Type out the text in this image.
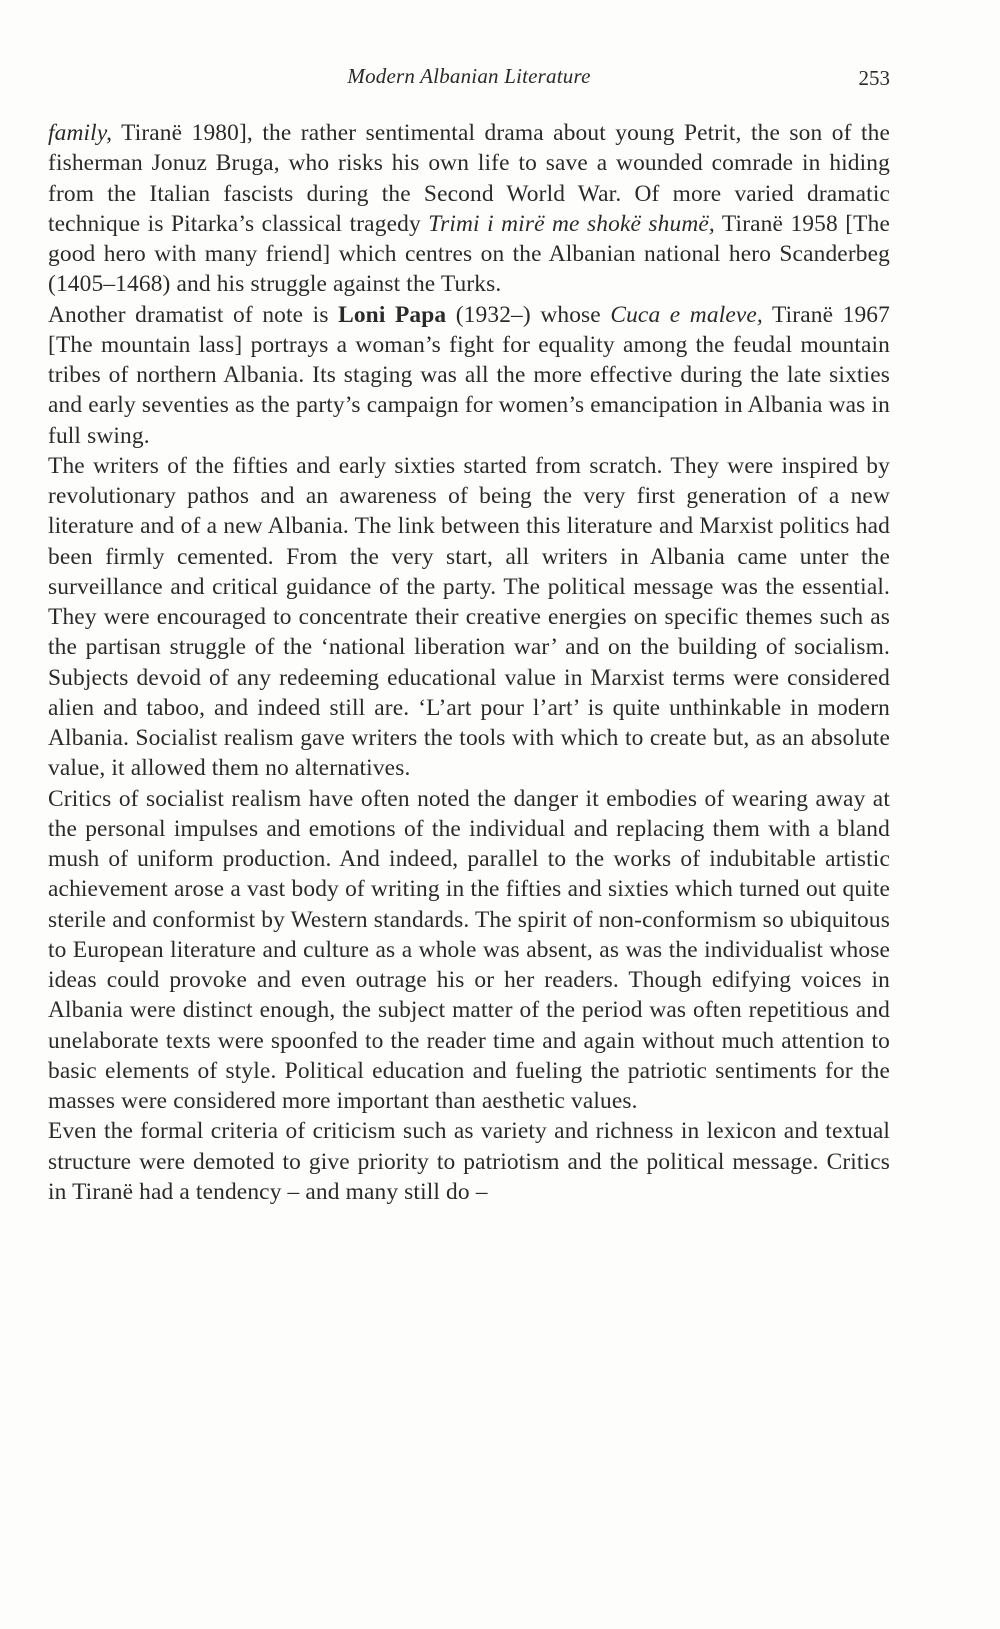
Modern Albanian Literature	253

family, Tiranë 1980], the rather sentimental drama about young Petrit, the son of the fisherman Jonuz Bruga, who risks his own life to save a wounded comrade in hiding from the Italian fascists during the Second World War. Of more varied dramatic technique is Pitarka’s classical tragedy Trimi i mirë me shokë shumë, Tiranë 1958 [The good hero with many friend] which centres on the Albanian national hero Scanderbeg (1405–1468) and his struggle against the Turks.

Another dramatist of note is Loni Papa (1932–) whose Cuca e maleve, Tiranë 1967 [The mountain lass] portrays a woman’s fight for equality among the feudal mountain tribes of northern Albania. Its staging was all the more effective during the late sixties and early seventies as the party’s campaign for women’s emancipation in Albania was in full swing.

The writers of the fifties and early sixties started from scratch. They were inspired by revolutionary pathos and an awareness of being the very first generation of a new literature and of a new Albania. The link between this literature and Marxist politics had been firmly cemented. From the very start, all writers in Albania came unter the surveillance and critical guidance of the party. The political message was the essential. They were encouraged to concentrate their creative energies on specific themes such as the partisan struggle of the ‘national liberation war’ and on the building of socialism. Subjects devoid of any redeeming educational value in Marxist terms were considered alien and taboo, and indeed still are. ‘L’art pour l’art’ is quite unthinkable in modern Albania. Socialist realism gave writers the tools with which to create but, as an absolute value, it allowed them no alternatives.

Critics of socialist realism have often noted the danger it embodies of wearing away at the personal impulses and emotions of the individual and replacing them with a bland mush of uniform production. And indeed, parallel to the works of indubitable artistic achievement arose a vast body of writing in the fifties and sixties which turned out quite sterile and conformist by Western standards. The spirit of non-conformism so ubiquitous to European literature and culture as a whole was absent, as was the individualist whose ideas could provoke and even outrage his or her readers. Though edifying voices in Albania were distinct enough, the subject matter of the period was often repetitious and unelaborate texts were spoonfed to the reader time and again without much attention to basic elements of style. Political education and fueling the patriotic sentiments for the masses were considered more important than aesthetic values.

Even the formal criteria of criticism such as variety and richness in lexicon and textual structure were demoted to give priority to patriotism and the political message. Critics in Tiranë had a tendency – and many still do –
